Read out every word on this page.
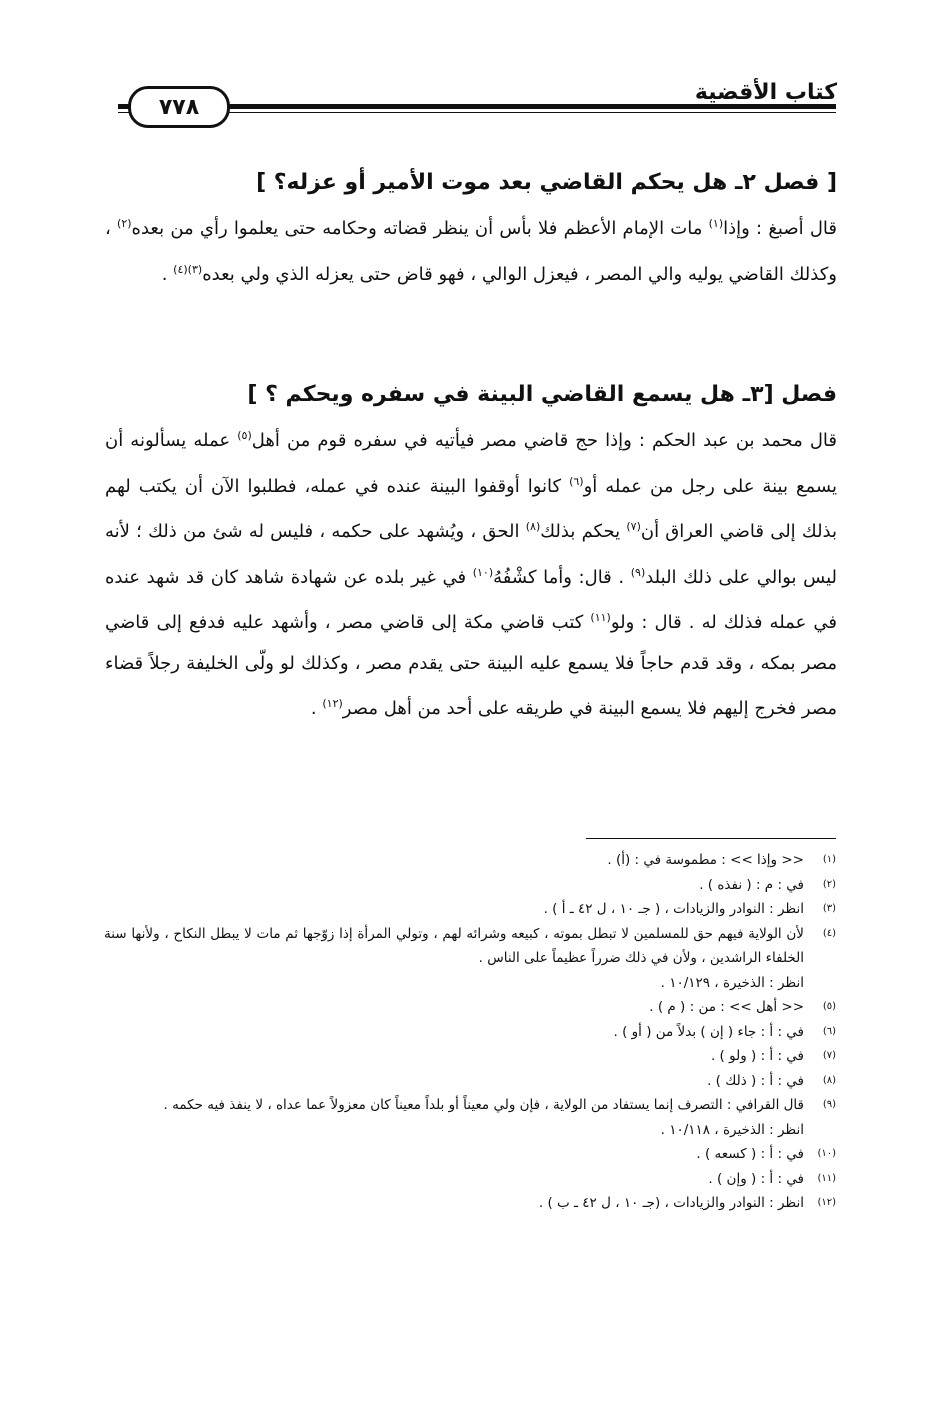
كتاب الأقضية
٧٧٨
[ فصل ٢ـ هل يحكم القاضي بعد موت الأمير أو عزله؟ ]

قال أصبغ : وإذا$^{(١)}$ مات الإمام الأعظم فلا بأس أن ينظر قضاته وحكامه حتى يعلموا رأي من بعده$^{(٢)}$ ، وكذلك القاضي يوليه والي المصر ، فيعزل الوالي ، فهو قاض حتى يعزله الذي ولي بعده$^{(٣)(٤)}$ .

فصل [٣ـ هل يسمع القاضي البينة في سفره ويحكم ؟ ]

قال محمد بن عبد الحكم : وإذا حج قاضي مصر فيأتيه في سفره قوم من أهل$^{(٥)}$ عمله يسألونه أن يسمع بينة على رجل من عمله أو$^{(٦)}$ كانوا أوقفوا البينة عنده في عمله، فطلبوا الآن أن يكتب لهم بذلك إلى قاضي العراق أن$^{(٧)}$ يحكم بذلك$^{(٨)}$ الحق ، ويُشهد على حكمه ، فليس له شئ من ذلك ؛ لأنه ليس بوالي على ذلك البلد$^{(٩)}$ . قال: وأما كشْفُهُ$^{(١٠)}$ في غير بلده عن شهادة شاهد كان قد شهد عنده في عمله فذلك له . قال : ولو$^{(١١)}$ كتب قاضي مكة إلى قاضي مصر ، وأشهد عليه فدفع إلى قاضي مصر بمكه ، وقد قدم حاجاً فلا يسمع عليه البينة حتى يقدم مصر ، وكذلك لو ولّى الخليفة رجلاً قضاء مصر فخرج إليهم فلا يسمع البينة في طريقه على أحد من أهل مصر$^{(١٢)}$ .

(١)
<< وإذا >> : مطموسة في : (أ) .
(٢)
في : م : ( نفذه ) .
(٣)
انظر : النوادر والزيادات ، ( جـ ١٠ ، ل ٤٢ ـ أ ) .
(٤)
لأن الولاية فيهم حق للمسلمين لا تبطل بموته ، كبيعه وشرائه لهم ، وتولي المرأة إذا زوّجها ثم مات لا يبطل النكاح ، ولأنها سنة الخلفاء الراشدين ، ولأن في ذلك ضرراً عظيماً على الناس .
انظر : الذخيرة ، ١٠/١٢٩ .
(٥)
<< أهل >> : من : ( م ) .
(٦)
في : أ : جاء ( إن ) بدلاً من ( أو ) .
(٧)
في : أ : ( ولو ) .
(٨)
في : أ : ( ذلك ) .
(٩)
قال القرافي : التصرف إنما يستفاد من الولاية ، فإن ولي معيناً أو بلداً معيناً كان معزولاً عما عداه ، لا ينفذ فيه حكمه .
انظر : الذخيرة ، ١٠/١١٨ .
(١٠)
في : أ : ( كسعه ) .
(١١)
في : أ : ( وإن ) .
(١٢)
انظر : النوادر والزيادات ، (جـ ١٠ ، ل ٤٢ ـ ب ) .
